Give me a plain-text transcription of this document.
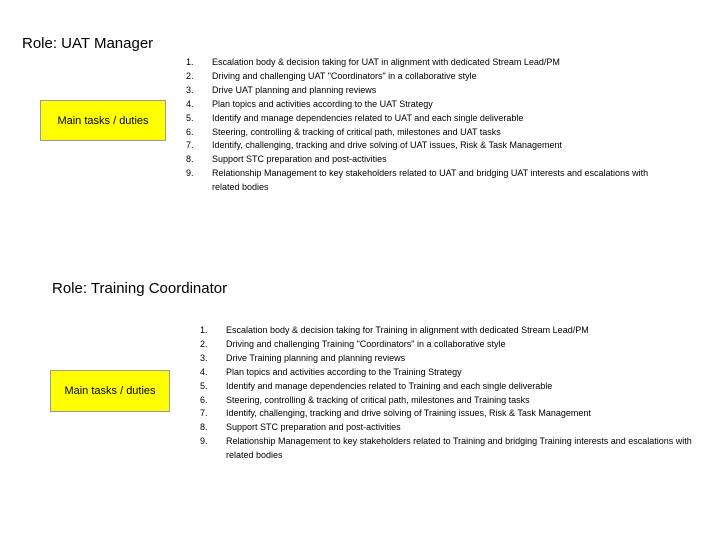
Role: UAT Manager
Main tasks / duties
1.	Escalation body & decision taking for UAT in alignment with dedicated Stream Lead/PM
2.	Driving and challenging UAT "Coordinators" in a collaborative style
3.	Drive UAT planning and planning reviews
4.	Plan topics and activities according to the UAT Strategy
5.	Identify and manage dependencies related to UAT and each single deliverable
6.	Steering, controlling & tracking of critical path, milestones and UAT tasks
7.	Identify, challenging, tracking and drive solving of UAT issues, Risk & Task Management
8.	Support STC preparation and post-activities
9.	Relationship Management to key stakeholders related to UAT and bridging UAT interests and escalations with related bodies
Role: Training Coordinator
Main tasks / duties
1.	Escalation body & decision taking for Training in alignment with dedicated Stream Lead/PM
2.	Driving and challenging Training "Coordinators" in a collaborative style
3.	Drive Training planning and planning reviews
4.	Plan topics and activities according to the Training Strategy
5.	Identify and manage dependencies related to Training and each single deliverable
6.	Steering, controlling & tracking of critical path, milestones and Training tasks
7.	Identify, challenging, tracking and drive solving of Training issues, Risk & Task Management
8.	Support STC preparation and post-activities
9.	Relationship Management to key stakeholders related to Training and bridging Training interests and escalations with related bodies
